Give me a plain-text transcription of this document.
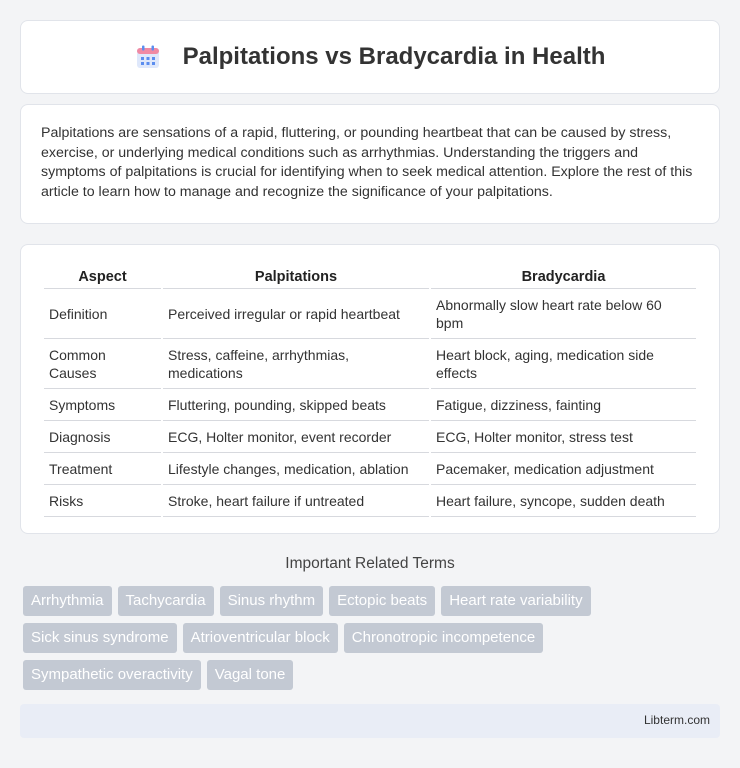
Palpitations vs Bradycardia in Health

Palpitations are sensations of a rapid, fluttering, or pounding heartbeat that can be caused by stress, exercise, or underlying medical conditions such as arrhythmias. Understanding the triggers and symptoms of palpitations is crucial for identifying when to seek medical attention. Explore the rest of this article to learn how to manage and recognize the significance of your palpitations.

Aspect	Palpitations	Bradycardia
Definition	Perceived irregular or rapid heartbeat	Abnormally slow heart rate below 60 bpm
Common Causes	Stress, caffeine, arrhythmias, medications	Heart block, aging, medication side effects
Symptoms	Fluttering, pounding, skipped beats	Fatigue, dizziness, fainting
Diagnosis	ECG, Holter monitor, event recorder	ECG, Holter monitor, stress test
Treatment	Lifestyle changes, medication, ablation	Pacemaker, medication adjustment
Risks	Stroke, heart failure if untreated	Heart failure, syncope, sudden death
Important Related Terms
Arrhythmia	Tachycardia	Sinus rhythm	Ectopic beats	Heart rate variability
Sick sinus syndrome	Atrioventricular block	Chronotropic incompetence
Sympathetic overactivity	Vagal tone
Libterm.com
